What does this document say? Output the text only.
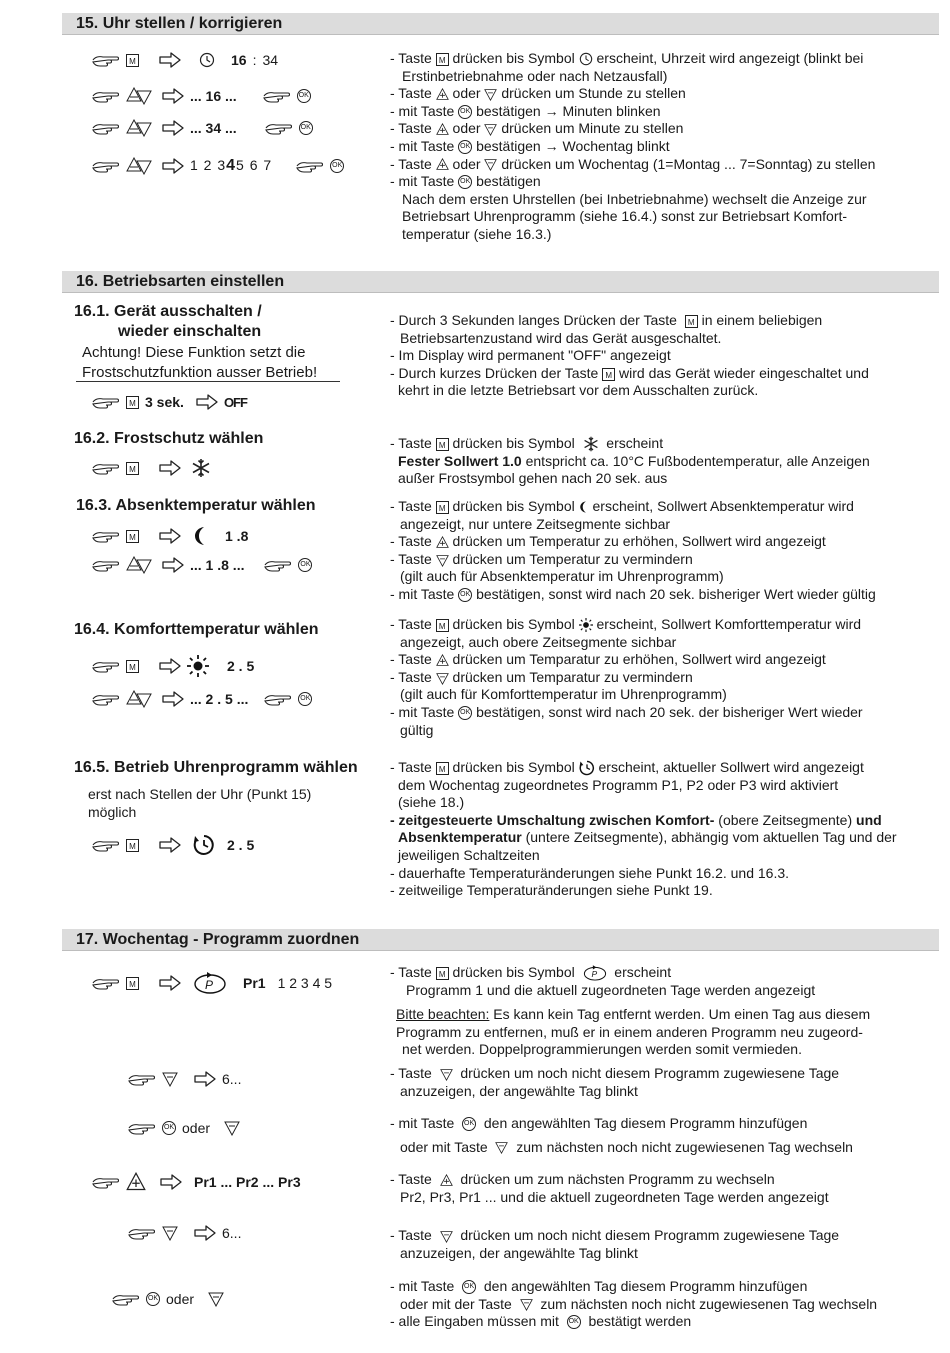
15. Uhr stellen / korrigieren
M	16 : 34
... 16 ...	OK
... 34 ...	OK
1 2 345 6 7	OK
- Taste M drücken bis Symbol erscheint, Uhrzeit wird angezeigt (blinkt bei
Erstinbetriebnahme oder nach Netzausfall)
- Taste oder drücken um Stunde zu stellen
- mit Taste OK bestätigen → Minuten blinken
- Taste oder drücken um Minute zu stellen
- mit Taste OK bestätigen → Wochentag blinkt
- Taste oder drücken um Wochentag (1=Montag ... 7=Sonntag) zu stellen
- mit Taste OK bestätigen
Nach dem ersten Uhrstellen (bei Inbetriebnahme) wechselt die Anzeige zur
Betriebsart Uhrenprogramm (siehe 16.4.) sonst zur Betriebsart Komfort-
temperatur (siehe 16.3.)
16. Betriebsarten einstellen
16.1. Gerät ausschalten /
wieder einschalten
Achtung! Diese Funktion setzt die
Frostschutzfunktion ausser Betrieb!
M 3 sek.	OFF
- Durch 3 Sekunden langes Drücken der Taste M in einem beliebigen
Betriebsartenzustand wird das Gerät ausgeschaltet.
- Im Display wird permanent "OFF" angezeigt
- Durch kurzes Drücken der Taste M wird das Gerät wieder eingeschaltet und
kehrt in die letzte Betriebsart vor dem Ausschalten zurück.
16.2. Frostschutz wählen
M
- Taste M drücken bis Symbol erscheint
Fester Sollwert 1.0 entspricht ca. 10°C Fußbodentemperatur, alle Anzeigen
außer Frostsymbol gehen nach 20 sek. aus
16.3. Absenktemperatur wählen
M	1 .8
... 1 .8 ...	OK
- Taste M drücken bis Symbol erscheint, Sollwert Absenktemperatur wird
angezeigt, nur untere Zeitsegmente sichbar
- Taste drücken um Temperatur zu erhöhen, Sollwert wird angezeigt
- Taste drücken um Temperatur zu vermindern
(gilt auch für Absenktemperatur im Uhrenprogramm)
- mit Taste OK bestätigen, sonst wird nach 20 sek. bisheriger Wert wieder gültig
16.4. Komforttemperatur wählen
M	2 . 5
... 2 . 5 ...	OK
- Taste M drücken bis Symbol erscheint, Sollwert Komforttemperatur wird
angezeigt, auch obere Zeitsegmente sichbar
- Taste drücken um Temparatur zu erhöhen, Sollwert wird angezeigt
- Taste drücken um Temparatur zu vermindern
(gilt auch für Komforttemperatur im Uhrenprogramm)
- mit Taste OK bestätigen, sonst wird nach 20 sek. der bisheriger Wert wieder
gültig
16.5. Betrieb Uhrenprogramm wählen
erst nach Stellen der Uhr (Punkt 15)
möglich
M	2 . 5
- Taste M drücken bis Symbol erscheint, aktueller Sollwert wird angezeigt
dem Wochentag zugeordnetes Programm P1, P2 oder P3 wird aktiviert
(siehe 18.)
- zeitgesteuerte Umschaltung zwischen Komfort- (obere Zeitsegmente) und
Absenktemperatur (untere Zeitsegmente), abhängig vom aktuellen Tag und der
jeweiligen Schaltzeiten
- dauerhafte Temperaturänderungen siehe Punkt 16.2. und 16.3.
- zeitweilige Temperaturänderungen siehe Punkt 19.
17. Wochentag - Programm zuordnen
M	Pr1 1 2 3 4 5
- Taste M drücken bis Symbol	erscheint
Programm 1 und die aktuell zugeordneten Tage werden angezeigt
Bitte beachten: Es kann kein Tag entfernt werden. Um einen Tag aus diesem
Programm zu entfernen, muß er in einem anderen Programm neu zugeord-
net werden. Doppelprogrammierungen werden somit vermieden.
6...	- Taste drücken um noch nicht diesem Programm zugewiesene Tage
anzuzeigen, der angewählte Tag blinkt
OK oder	- mit Taste OK den angewählten Tag diesem Programm hinzufügen
oder mit Taste zum nächsten noch nicht zugewiesenen Tag wechseln
Pr1 ... Pr2 ... Pr3	- Taste drücken um zum nächsten Programm zu wechseln
Pr2, Pr3, Pr1 ... und die aktuell zugeordneten Tage werden angezeigt
6...	- Taste drücken um noch nicht diesem Programm zugewiesene Tage
anzuzeigen, der angewählte Tag blinkt
OK oder
- mit Taste OK den angewählten Tag diesem Programm hinzufügen
oder mit der Taste zum nächsten noch nicht zugewiesenen Tag wechseln
- alle Eingaben müssen mit OK bestätigt werden
